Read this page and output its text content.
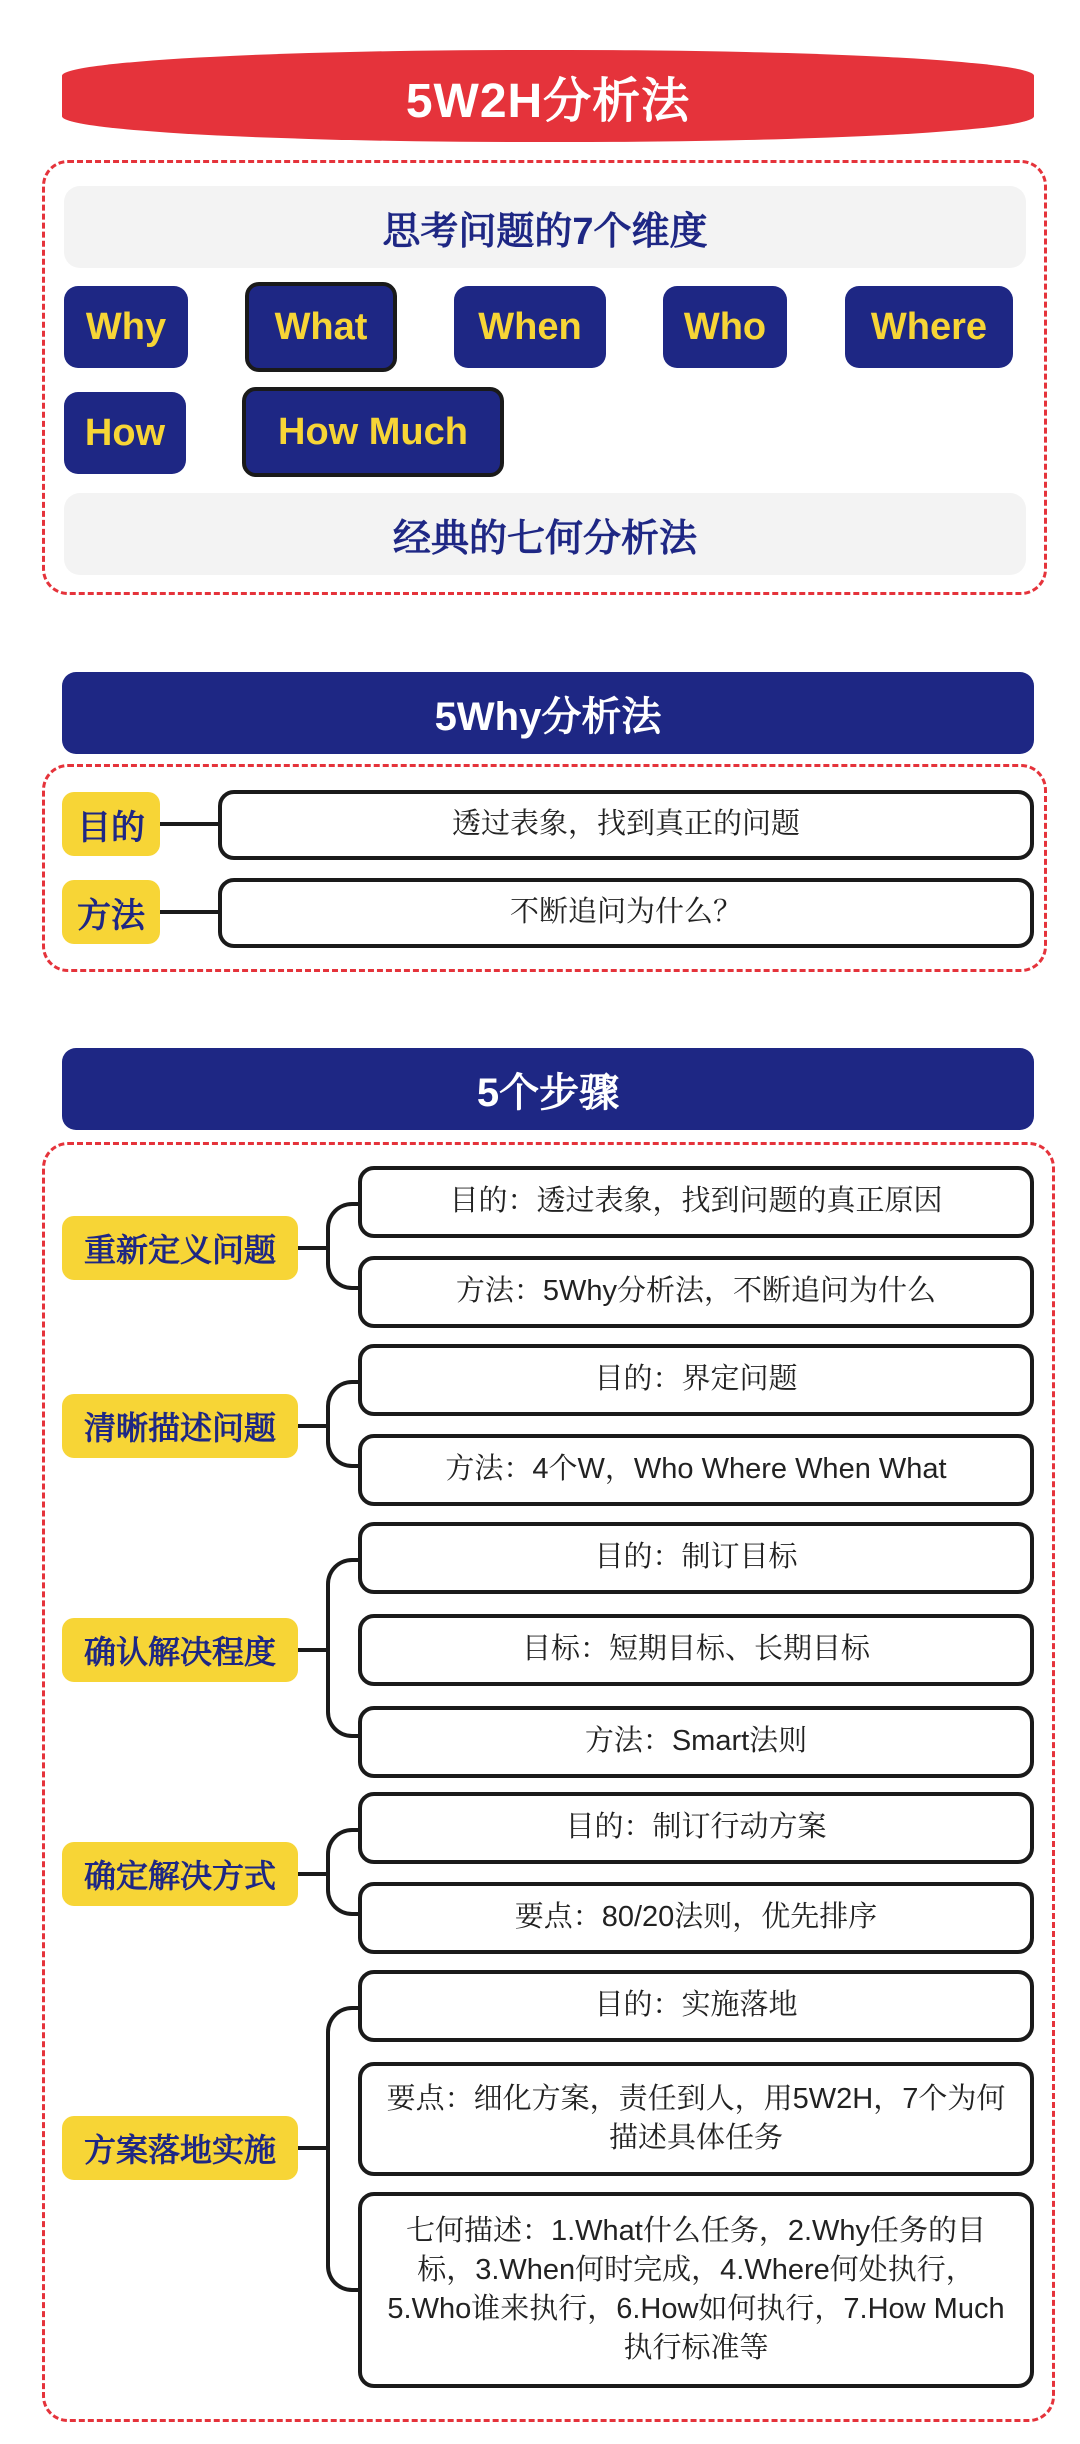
5W2H分析法
思考问题的7个维度
Why	What	When	Who	Where
How	How Much
经典的七何分析法
5Why分析法
目的	透过表象，找到真正的问题
方法	不断追问为什么？
5个步骤
重新定义问题
目的：透过表象，找到问题的真正原因
方法：5Why分析法，不断追问为什么
清晰描述问题
目的：界定问题
方法：4个W，Who Where When What
确认解决程度
目的：制订目标
目标：短期目标、长期目标
方法：Smart法则
确定解决方式
目的：制订行动方案
要点：80/20法则，优先排序
方案落地实施
目的：实施落地
要点：细化方案，责任到人，用5W2H，7个为何描述具体任务
七何描述：1.What什么任务，2.Why任务的目标，3.When何时完成，4.Where何处执行，5.Who谁来执行，6.How如何执行，7.How Much执行标准等
